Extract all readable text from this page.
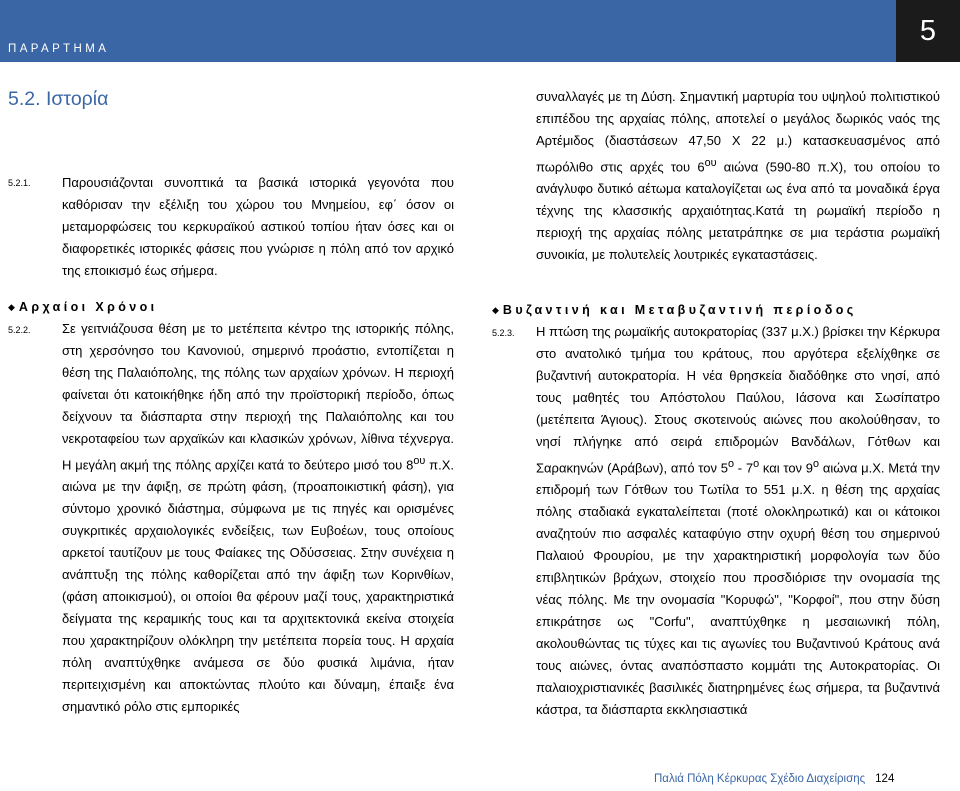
ΠΑΡΑΡΤΗΜΑ
5
5.2. Ιστορία
5.2.1. Παρουσιάζονται συνοπτικά τα βασικά ιστορικά γεγονότα που καθόρισαν την εξέλιξη του χώρου του Μνημείου, εφ΄ όσον οι μεταμορφώσεις του κερκυραϊκού αστικού τοπίου ήταν όσες και οι διαφορετικές ιστορικές φάσεις που γνώρισε η πόλη από τον αρχικό της εποικισμό έως σήμερα.
◆ Αρχαίοι Χρόνοι
5.2.2. Σε γειτνιάζουσα θέση με το μετέπειτα κέντρο της ιστορικής πόλης, στη χερσόνησο του Κανονιού, σημερινό προάστιο, εντοπίζεται η θέση της Παλαιόπολης, της πόλης των αρχαίων χρόνων. Η περιοχή φαίνεται ότι κατοικήθηκε ήδη από την προϊστορική περίοδο, όπως δείχνουν τα διάσπαρτα στην περιοχή της Παλαιόπολης και του νεκροταφείου των αρχαϊκών και κλασικών χρόνων, λίθινα τέχνεργα. Η μεγάλη ακμή της πόλης αρχίζει κατά το δεύτερο μισό του $8^{o\upsilon}$ π.Χ. αιώνα με την άφιξη, σε πρώτη φάση, (προαποικιστική φάση), για σύντομο χρονικό διάστημα, σύμφωνα με τις πηγές και ορισμένες συγκριτικές αρχαιολογικές ενδείξεις, των Ευβοέων, τους οποίους αρκετοί ταυτίζουν με τους Φαίακες της Οδύσσειας. Στην συνέχεια η ανάπτυξη της πόλης καθορίζεται από την άφιξη των Κορινθίων, (φάση αποικισμού), οι οποίοι θα φέρουν μαζί τους, χαρακτηριστικά δείγματα της κεραμικής τους και τα αρχιτεκτονικά εκείνα στοιχεία που χαρακτηρίζουν ολόκληρη την μετέπειτα πορεία τους. Η αρχαία πόλη αναπτύχθηκε ανάμεσα σε δύο φυσικά λιμάνια, ήταν περιτειχισμένη και αποκτώντας πλούτο και δύναμη, έπαιξε ένα σημαντικό ρόλο στις εμπορικές
συναλλαγές με τη Δύση. Σημαντική μαρτυρία του υψηλού πολιτιστικού επιπέδου της αρχαίας πόλης, αποτελεί ο μεγάλος δωρικός ναός της Αρτέμιδος (διαστάσεων 47,50 Χ 22 μ.) κατασκευασμένος από πωρόλιθο στις αρχές του $6^{o\upsilon}$ αιώνα (590-80 π.Χ), του οποίου το ανάγλυφο δυτικό αέτωμα καταλογίζεται ως ένα από τα μοναδικά έργα τέχνης της κλασσικής αρχαιότητας.Κατά τη ρωμαϊκή περίοδο η περιοχή της αρχαίας πόλης μετατράπηκε σε μια τεράστια ρωμαϊκή συνοικία, με πολυτελείς λουτρικές εγκαταστάσεις.
◆ Βυζαντινή και Μεταβυζαντινή περίοδος
5.2.3. Η πτώση της ρωμαϊκής αυτοκρατορίας (337 μ.Χ.) βρίσκει την Κέρκυρα στο ανατολικό τμήμα του κράτους, που αργότερα εξελίχθηκε σε βυζαντινή αυτοκρατορία. Η νέα θρησκεία διαδόθηκε στο νησί, από τους μαθητές του Απόστολου Παύλου, Ιάσονα και Σωσίπατρο (μετέπειτα Άγιους). Στους σκοτεινούς αιώνες που ακολούθησαν, το νησί πλήγηκε από σειρά επιδρομών Βανδάλων, Γότθων και Σαρακηνών (Αράβων), από τον $5^o - 7^o$ και τον $9^o$ αιώνα μ.Χ. Μετά την επιδρομή των Γότθων του Τωτίλα το 551 μ.Χ. η θέση της αρχαίας πόλης σταδιακά εγκαταλείπεται (ποτέ ολοκληρωτικά) και οι κάτοικοι αναζητούν πιο ασφαλές καταφύγιο στην οχυρή θέση του σημερινού Παλαιού Φρουρίου, με την χαρακτηριστική μορφολογία των δύο επιβλητικών βράχων, στοιχείο που προσδιόρισε την ονομασία της νέας πόλης. Με την ονομασία "Κορυφώ", "Κορφοί", που στην δύση επικράτησε ως "Corfu", αναπτύχθηκε η μεσαιωνική πόλη, ακολουθώντας τις τύχες και τις αγωνίες του Βυζαντινού Κράτους ανά τους αιώνες, όντας αναπόσπαστο κομμάτι της Αυτοκρατορίας. Οι παλαιοχριστιανικές βασιλικές διατηρημένες έως σήμερα, τα βυζαντινά κάστρα, τα διάσπαρτα εκκλησιαστικά
Παλιά Πόλη Κέρκυρας Σχέδιο Διαχείρισης 124
